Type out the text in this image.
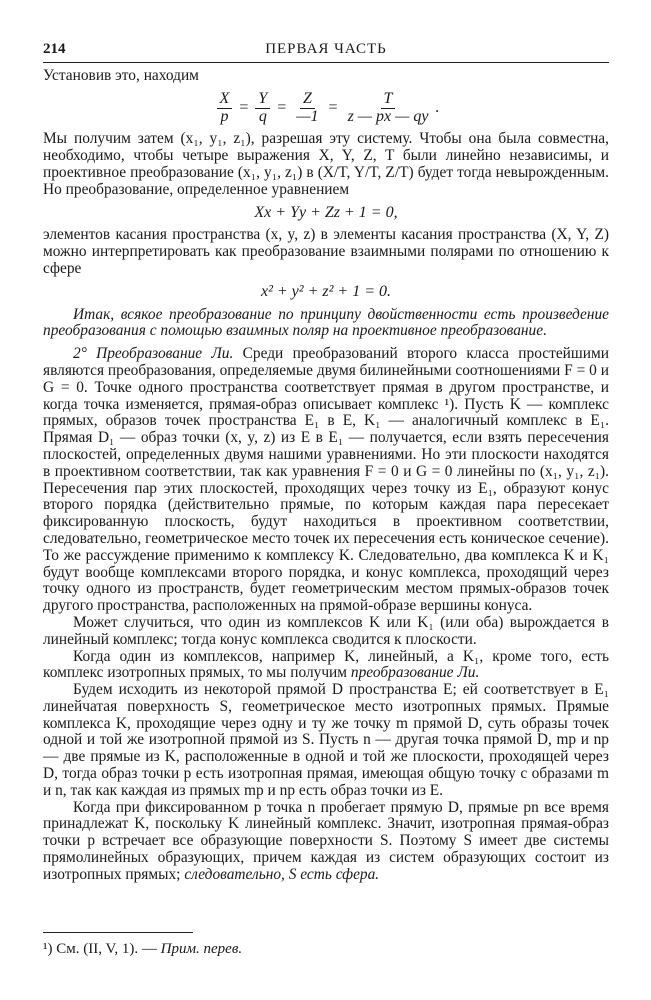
214	ПЕРВАЯ ЧАСТЬ

Установив это, находим

$\frac{X}{p} = \frac{Y}{q} = \frac{Z}{—1} = \frac{T}{z — px — qy}$ .

Мы получим затем (x₁, y₁, z₁), разрешая эту систему. Чтобы она была совместна, необходимо, чтобы четыре выражения X, Y, Z, T были линейно независимы, и проективное преобразование (x₁, y₁, z₁) в (X/T, Y/T, Z/T) будет тогда невырожденным. Но преобразование, определенное уравнением

Xx + Yy + Zz + 1 = 0,

элементов касания пространства (x, y, z) в элементы касания пространства (X, Y, Z) можно интерпретировать как преобразование взаимными полярами по отношению к сфере

x² + y² + z² + 1 = 0.

Итак, всякое преобразование по принципу двойственности есть произведение преобразования с помощью взаимных поляр на проективное преобразование.

2° Преобразование Ли. Среди преобразований второго класса простейшими являются преобразования, определяемые двумя билинейными соотношениями F = 0 и G = 0. Точке одного пространства соответствует прямая в другом пространстве, и когда точка изменяется, прямая-образ описывает комплекс ¹). Пусть K — комплекс прямых, образов точек пространства E₁ в E, K₁ — аналогичный комплекс в E₁. Прямая D₁ — образ точки (x, y, z) из E в E₁ — получается, если взять пересечения плоскостей, определенных двумя нашими уравнениями. Но эти плоскости находятся в проективном соответствии, так как уравнения F = 0 и G = 0 линейны по (x₁, y₁, z₁). Пересечения пар этих плоскостей, проходящих через точку из E₁, образуют конус второго порядка (действительно прямые, по которым каждая пара пересекает фиксированную плоскость, будут находиться в проективном соответствии, следовательно, геометрическое место точек их пересечения есть коническое сечение). То же рассуждение применимо к комплексу K. Следовательно, два комплекса K и K₁ будут вообще комплексами второго порядка, и конус комплекса, проходящий через точку одного из пространств, будет геометрическим местом прямых-образов точек другого пространства, расположенных на прямой-образе вершины конуса.

Может случиться, что один из комплексов K или K₁ (или оба) вырождается в линейный комплекс; тогда конус комплекса сводится к плоскости.

Когда один из комплексов, например K, линейный, а K₁, кроме того, есть комплекс изотропных прямых, то мы получим преобразование Ли.

Будем исходить из некоторой прямой D пространства E; ей соответствует в E₁ линейчатая поверхность S, геометрическое место изотропных прямых. Прямые комплекса K, проходящие через одну и ту же точку m прямой D, суть образы точек одной и той же изотропной прямой из S. Пусть n — другая точка прямой D, mp и np — две прямые из K, расположенные в одной и той же плоскости, проходящей через D, тогда образ точки p есть изотропная прямая, имеющая общую точку с образами m и n, так как каждая из прямых mp и np есть образ точки из E.

Когда при фиксированном p точка n пробегает прямую D, прямые pn все время принадлежат K, поскольку K линейный комплекс. Значит, изотропная прямая-образ точки p встречает все образующие поверхности S. Поэтому S имеет две системы прямолинейных образующих, причем каждая из систем образующих состоит из изотропных прямых; следовательно, S есть сфера.

¹) См. (II, V, 1). — Прим. перев.
